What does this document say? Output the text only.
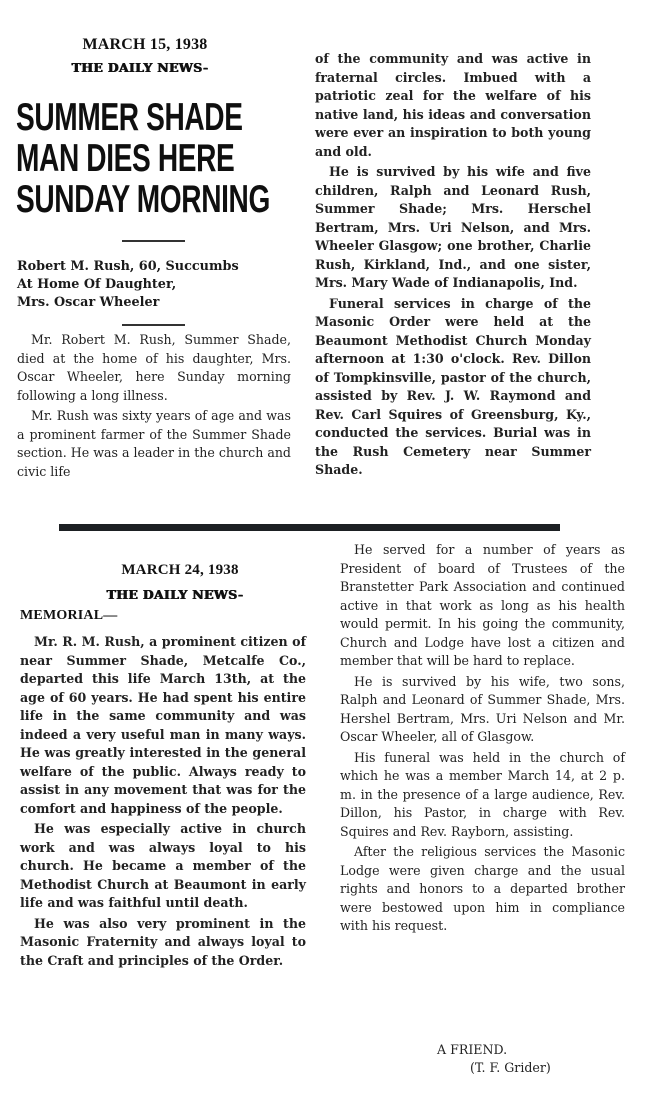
MARCH 15, 1938
THE DAILY NEWS-
SUMMER SHADE
MAN DIES HERE
SUNDAY MORNING
Robert M. Rush, 60, Succumbs
At Home Of Daughter,
Mrs. Oscar Wheeler

Mr. Robert M. Rush, Summer Shade, died at the home of his daughter, Mrs. Oscar Wheeler, here Sunday morning following a long illness.

Mr. Rush was sixty years of age and was a prominent farmer of the Summer Shade section. He was a leader in the church and civic life

of the community and was active in fraternal circles. Imbued with a patriotic zeal for the welfare of his native land, his ideas and conversation were ever an inspiration to both young and old.

He is survived by his wife and five children, Ralph and Leonard Rush, Summer Shade; Mrs. Herschel Bertram, Mrs. Uri Nelson, and Mrs. Wheeler Glasgow; one brother, Charlie Rush, Kirkland, Ind., and one sister, Mrs. Mary Wade of Indianapolis, Ind.

Funeral services in charge of the Masonic Order were held at the Beaumont Methodist Church Monday afternoon at 1:30 o'clock. Rev. Dillon of Tompkinsville, pastor of the church, assisted by Rev. J. W. Raymond and Rev. Carl Squires of Greensburg, Ky., conducted the services. Burial was in the Rush Cemetery near Summer Shade.

MARCH 24, 1938
THE DAILY NEWS-
MEMORIAL—

Mr. R. M. Rush, a prominent citizen of near Summer Shade, Metcalfe Co., departed this life March 13th, at the age of 60 years. He had spent his entire life in the same community and was indeed a very useful man in many ways. He was greatly interested in the general welfare of the public. Always ready to assist in any movement that was for the comfort and happiness of the people.

He was especially active in church work and was always loyal to his church. He became a member of the Methodist Church at Beaumont in early life and was faithful until death.

He was also very prominent in the Masonic Fraternity and always loyal to the Craft and principles of the Order.

He served for a number of years as President of board of Trustees of the Branstetter Park Association and continued active in that work as long as his health would permit. In his going the community, Church and Lodge have lost a citizen and member that will be hard to replace.

He is survived by his wife, two sons, Ralph and Leonard of Summer Shade, Mrs. Hershel Bertram, Mrs. Uri Nelson and Mr. Oscar Wheeler, all of Glasgow.

His funeral was held in the church of which he was a member March 14, at 2 p. m. in the presence of a large audience, Rev. Dillon, his Pastor, in charge with Rev. Squires and Rev. Rayborn, assisting.

After the religious services the Masonic Lodge were given charge and the usual rights and honors to a departed brother were bestowed upon him in compliance with his request.

A FRIEND.
(T. F. Grider)
